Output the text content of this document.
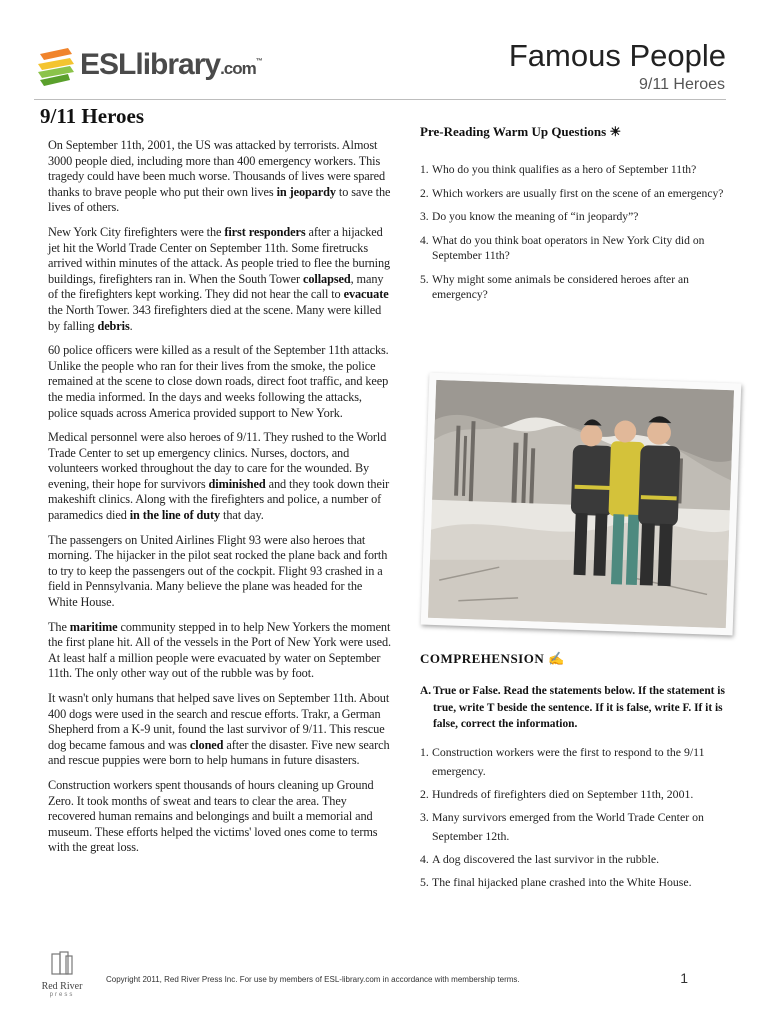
ESLlibrary.com™	Famous People
9/11 Heroes
9/11 Heroes

On September 11th, 2001, the US was attacked by terrorists. Almost 3000 people died, including more than 400 emergency workers. This tragedy could have been much worse. Thousands of lives were spared thanks to brave people who put their own lives in jeopardy to save the lives of others.

New York City firefighters were the first responders after a hijacked jet hit the World Trade Center on September 11th. Some firetrucks arrived within minutes of the attack. As people tried to flee the burning buildings, firefighters ran in. When the South Tower collapsed, many of the firefighters kept working. They did not hear the call to evacuate the North Tower. 343 firefighters died at the scene. Many were killed by falling debris.

60 police officers were killed as a result of the September 11th attacks. Unlike the people who ran for their lives from the smoke, the police remained at the scene to close down roads, direct foot traffic, and keep the media informed. In the days and weeks following the attacks, police squads across America provided support to New York.

Medical personnel were also heroes of 9/11. They rushed to the World Trade Center to set up emergency clinics. Nurses, doctors, and volunteers worked throughout the day to care for the wounded. By evening, their hope for survivors diminished and they took down their makeshift clinics. Along with the firefighters and police, a number of paramedics died in the line of duty that day.

The passengers on United Airlines Flight 93 were also heroes that morning. The hijacker in the pilot seat rocked the plane back and forth to try to keep the passengers out of the cockpit. Flight 93 crashed in a field in Pennsylvania. Many believe the plane was headed for the White House.

The maritime community stepped in to help New Yorkers the moment the first plane hit. All of the vessels in the Port of New York were used. At least half a million people were evacuated by water on September 11th. The only other way out of the rubble was by foot.

It wasn't only humans that helped save lives on September 11th. About 400 dogs were used in the search and rescue efforts. Trakr, a German Shepherd from a K-9 unit, found the last survivor of 9/11. This rescue dog became famous and was cloned after the disaster. Five new search and rescue puppies were born to help humans in future disasters.

Construction workers spent thousands of hours cleaning up Ground Zero. It took months of sweat and tears to clear the area. They recovered human remains and belongings and built a memorial and museum. These efforts helped the victims' loved ones come to terms with the great loss.

Pre-Reading Warm Up Questions ☀
1. Who do you think qualifies as a hero of September 11th?
2. Which workers are usually first on the scene of an emergency?
3. Do you know the meaning of “in jeopardy”?
4. What do you think boat operators in New York City did on September 11th?
5. Why might some animals be considered heroes after an emergency?
COMPREHENSION ✍
A. True or False. Read the statements below. If the statement is true, write T beside the sentence. If it is false, write F. If it is false, correct the information.
1. Construction workers were the first to respond to the 9/11 emergency.
2. Hundreds of firefighters died on September 11th, 2001.
3. Many survivors emerged from the World Trade Center on September 12th.
4. A dog discovered the last survivor in the rubble.
5. The final hijacked plane crashed into the White House.
Red River
press
Copyright 2011, Red River Press Inc. For use by members of ESL-library.com in accordance with membership terms.	1
